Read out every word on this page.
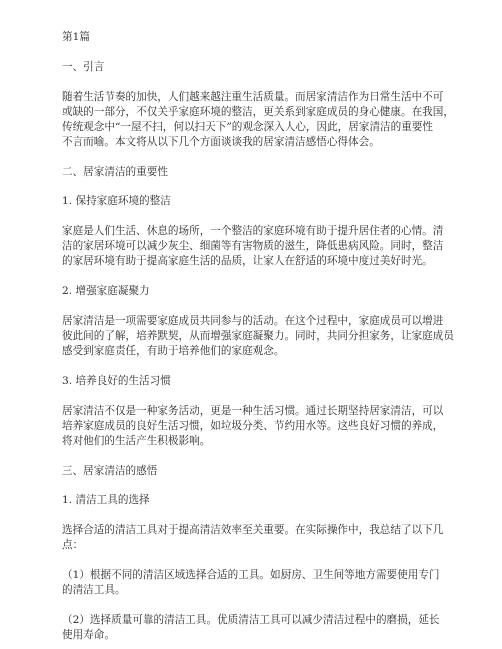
第1篇

一、引言

随着生活节奏的加快，人们越来越注重生活质量。而居家清洁作为日常生活中不可
或缺的一部分，不仅关乎家庭环境的整洁，更关系到家庭成员的身心健康。在我国，
传统观念中“一屋不扫，何以扫天下”的观念深入人心，因此，居家清洁的重要性
不言而喻。本文将从以下几个方面谈谈我的居家清洁感悟心得体会。

二、居家清洁的重要性

1. 保持家庭环境的整洁

家庭是人们生活、休息的场所，一个整洁的家庭环境有助于提升居住者的心情。清
洁的家居环境可以减少灰尘、细菌等有害物质的滋生，降低患病风险。同时，整洁
的家居环境有助于提高家庭生活的品质，让家人在舒适的环境中度过美好时光。

2. 增强家庭凝聚力

居家清洁是一项需要家庭成员共同参与的活动。在这个过程中，家庭成员可以增进
彼此间的了解，培养默契，从而增强家庭凝聚力。同时，共同分担家务，让家庭成员
感受到家庭责任，有助于培养他们的家庭观念。

3. 培养良好的生活习惯

居家清洁不仅是一种家务活动，更是一种生活习惯。通过长期坚持居家清洁，可以
培养家庭成员的良好生活习惯，如垃圾分类、节约用水等。这些良好习惯的养成，
将对他们的生活产生积极影响。

三、居家清洁的感悟

1. 清洁工具的选择

选择合适的清洁工具对于提高清洁效率至关重要。在实际操作中，我总结了以下几
点：

（1）根据不同的清洁区域选择合适的工具。如厨房、卫生间等地方需要使用专门
的清洁工具。

（2）选择质量可靠的清洁工具。优质清洁工具可以减少清洁过程中的磨损，延长
使用寿命。
